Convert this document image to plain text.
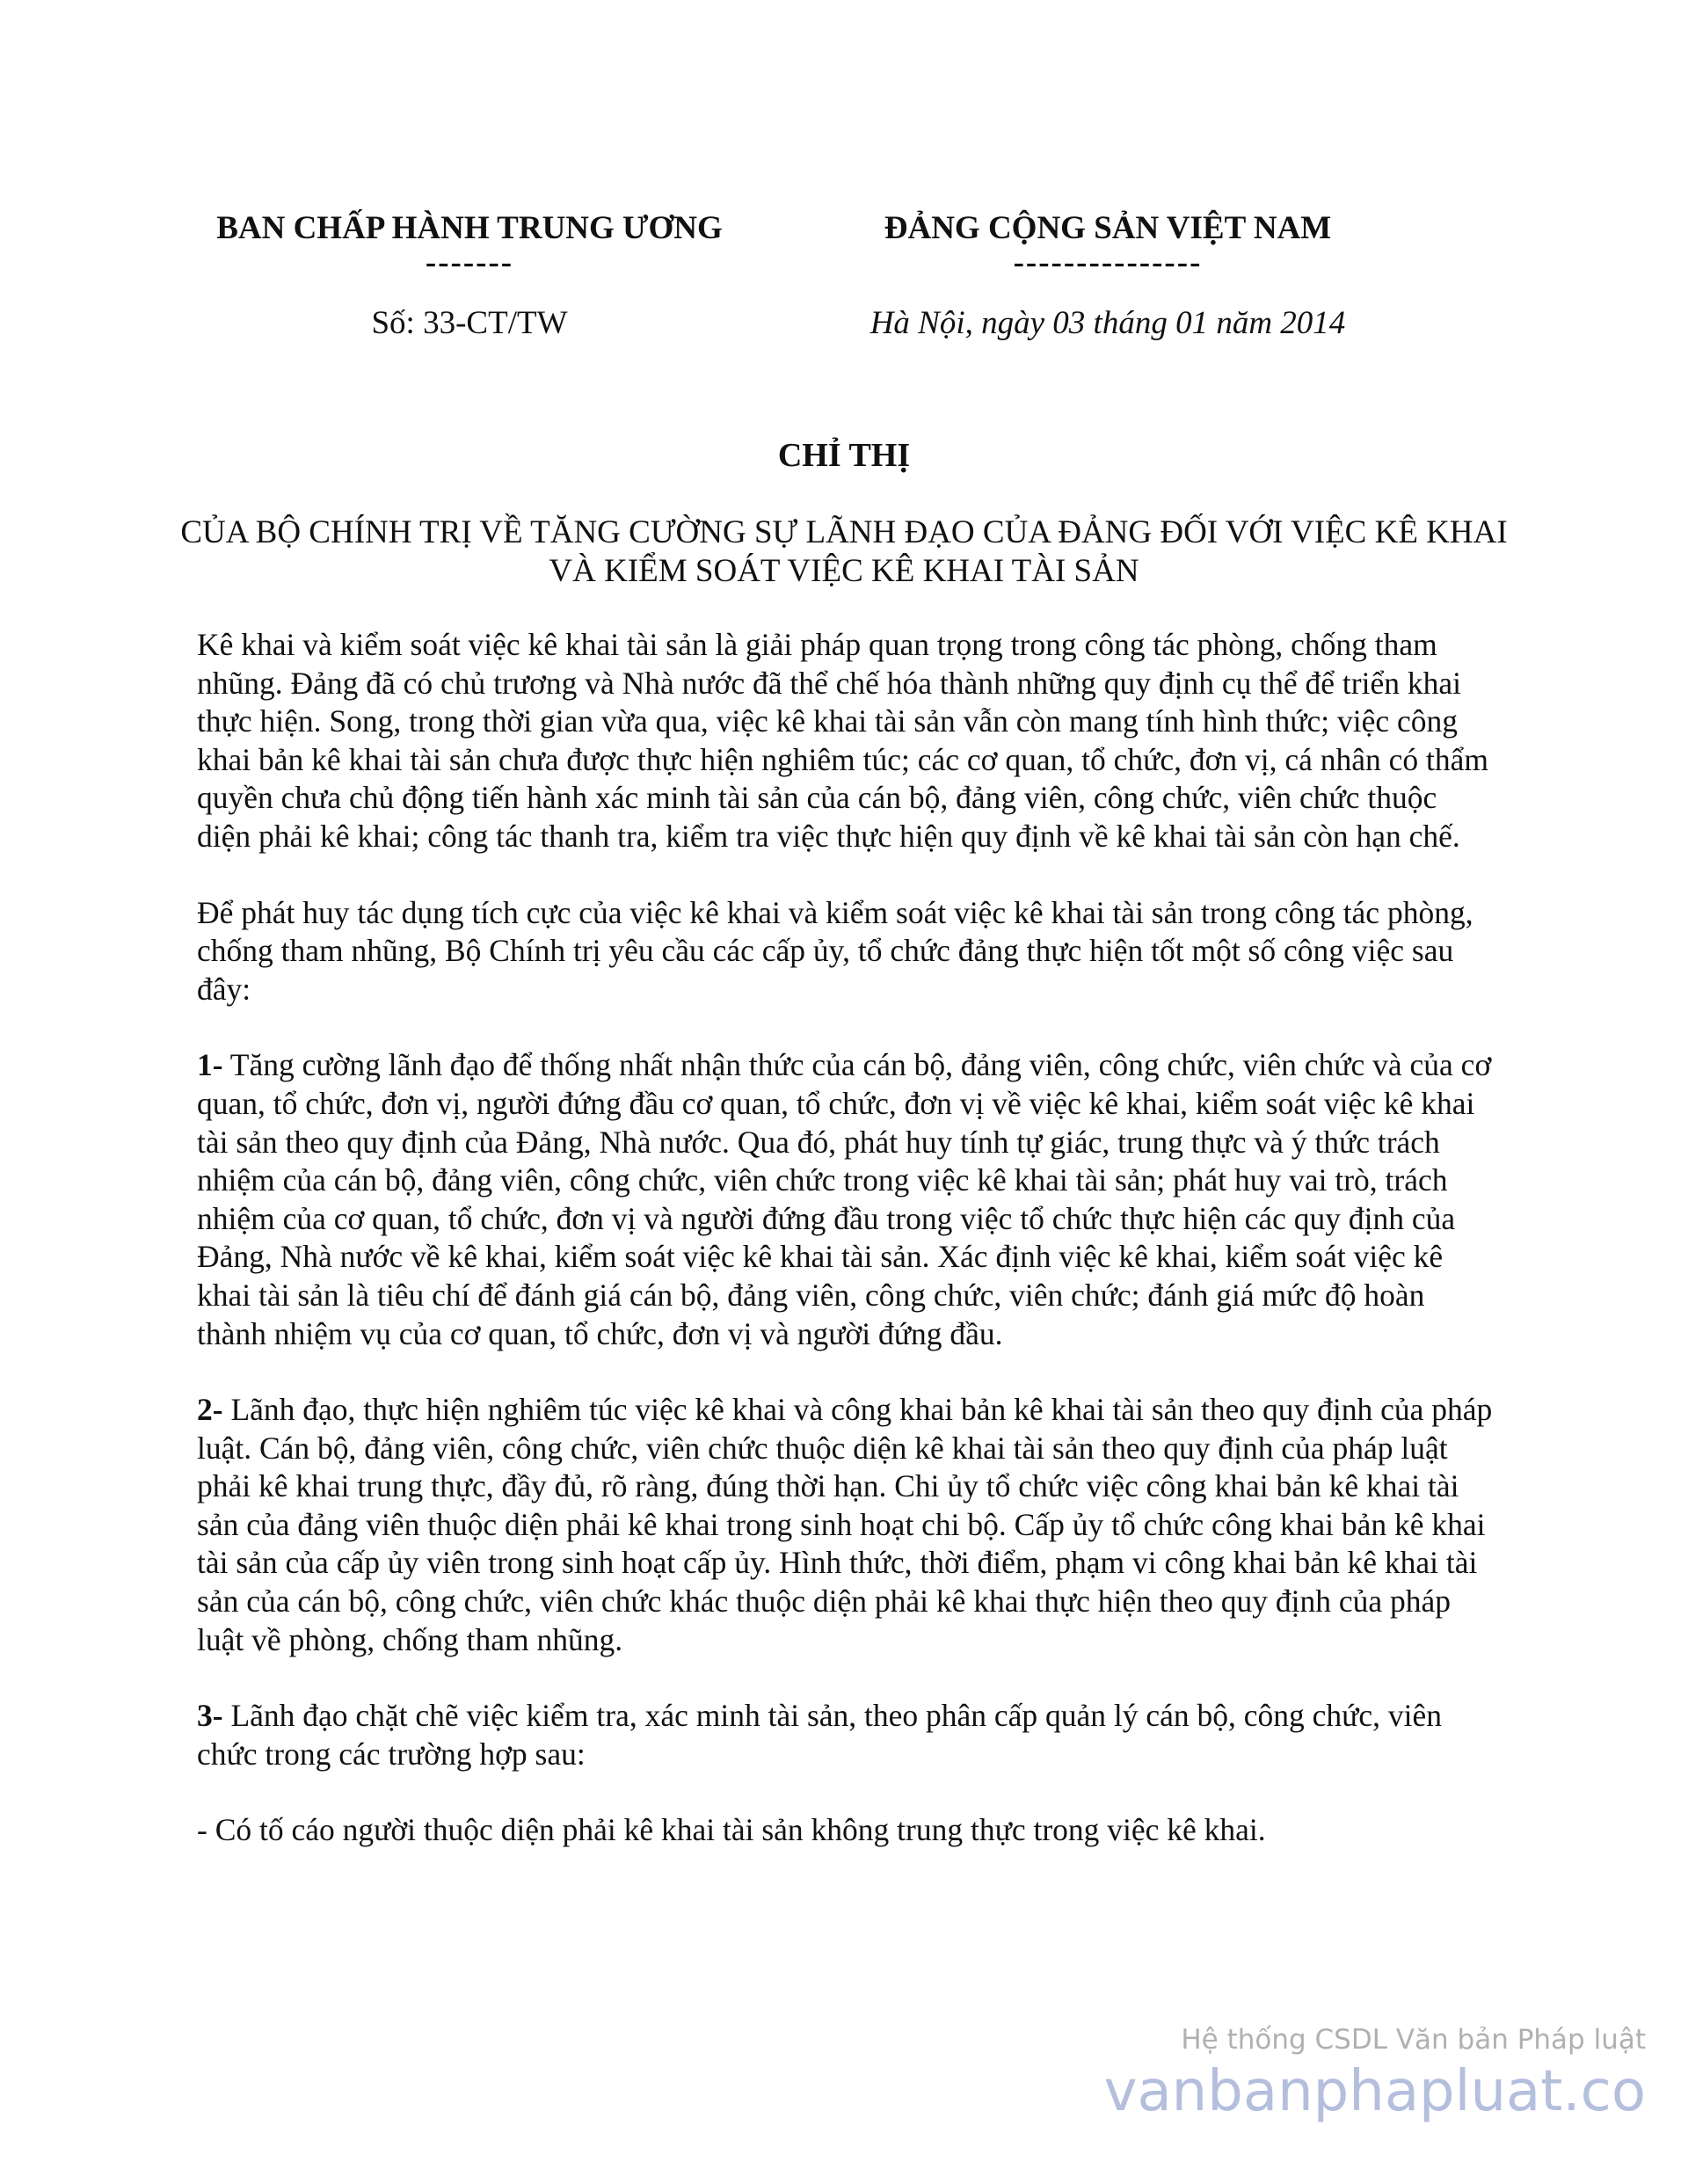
BAN CHẤP HÀNH TRUNG ƯƠNG
-------
Số: 33-CT/TW
ĐẢNG CỘNG SẢN VIỆT NAM
---------------
Hà Nội, ngày 03 tháng 01 năm 2014
CHỈ THỊ
CỦA BỘ CHÍNH TRỊ VỀ TĂNG CƯỜNG SỰ LÃNH ĐẠO CỦA ĐẢNG ĐỐI VỚI VIỆC KÊ KHAI VÀ KIỂM SOÁT VIỆC KÊ KHAI TÀI SẢN

Kê khai và kiểm soát việc kê khai tài sản là giải pháp quan trọng trong công tác phòng, chống tham nhũng. Đảng đã có chủ trương và Nhà nước đã thể chế hóa thành những quy định cụ thể để triển khai thực hiện. Song, trong thời gian vừa qua, việc kê khai tài sản vẫn còn mang tính hình thức; việc công khai bản kê khai tài sản chưa được thực hiện nghiêm túc; các cơ quan, tổ chức, đơn vị, cá nhân có thẩm quyền chưa chủ động tiến hành xác minh tài sản của cán bộ, đảng viên, công chức, viên chức thuộc diện phải kê khai; công tác thanh tra, kiểm tra việc thực hiện quy định về kê khai tài sản còn hạn chế.

Để phát huy tác dụng tích cực của việc kê khai và kiểm soát việc kê khai tài sản trong công tác phòng, chống tham nhũng, Bộ Chính trị yêu cầu các cấp ủy, tổ chức đảng thực hiện tốt một số công việc sau đây:

1- Tăng cường lãnh đạo để thống nhất nhận thức của cán bộ, đảng viên, công chức, viên chức và của cơ quan, tổ chức, đơn vị, người đứng đầu cơ quan, tổ chức, đơn vị về việc kê khai, kiểm soát việc kê khai tài sản theo quy định của Đảng, Nhà nước. Qua đó, phát huy tính tự giác, trung thực và ý thức trách nhiệm của cán bộ, đảng viên, công chức, viên chức trong việc kê khai tài sản; phát huy vai trò, trách nhiệm của cơ quan, tổ chức, đơn vị và người đứng đầu trong việc tổ chức thực hiện các quy định của Đảng, Nhà nước về kê khai, kiểm soát việc kê khai tài sản. Xác định việc kê khai, kiểm soát việc kê khai tài sản là tiêu chí để đánh giá cán bộ, đảng viên, công chức, viên chức; đánh giá mức độ hoàn thành nhiệm vụ của cơ quan, tổ chức, đơn vị và người đứng đầu.

2- Lãnh đạo, thực hiện nghiêm túc việc kê khai và công khai bản kê khai tài sản theo quy định của pháp luật. Cán bộ, đảng viên, công chức, viên chức thuộc diện kê khai tài sản theo quy định của pháp luật phải kê khai trung thực, đầy đủ, rõ ràng, đúng thời hạn. Chi ủy tổ chức việc công khai bản kê khai tài sản của đảng viên thuộc diện phải kê khai trong sinh hoạt chi bộ. Cấp ủy tổ chức công khai bản kê khai tài sản của cấp ủy viên trong sinh hoạt cấp ủy. Hình thức, thời điểm, phạm vi công khai bản kê khai tài sản của cán bộ, công chức, viên chức khác thuộc diện phải kê khai thực hiện theo quy định của pháp luật về phòng, chống tham nhũng.

3- Lãnh đạo chặt chẽ việc kiểm tra, xác minh tài sản, theo phân cấp quản lý cán bộ, công chức, viên chức trong các trường hợp sau:

- Có tố cáo người thuộc diện phải kê khai tài sản không trung thực trong việc kê khai.

Hệ thống CSDL Văn bản Pháp luật
vanbanphapluat.co
